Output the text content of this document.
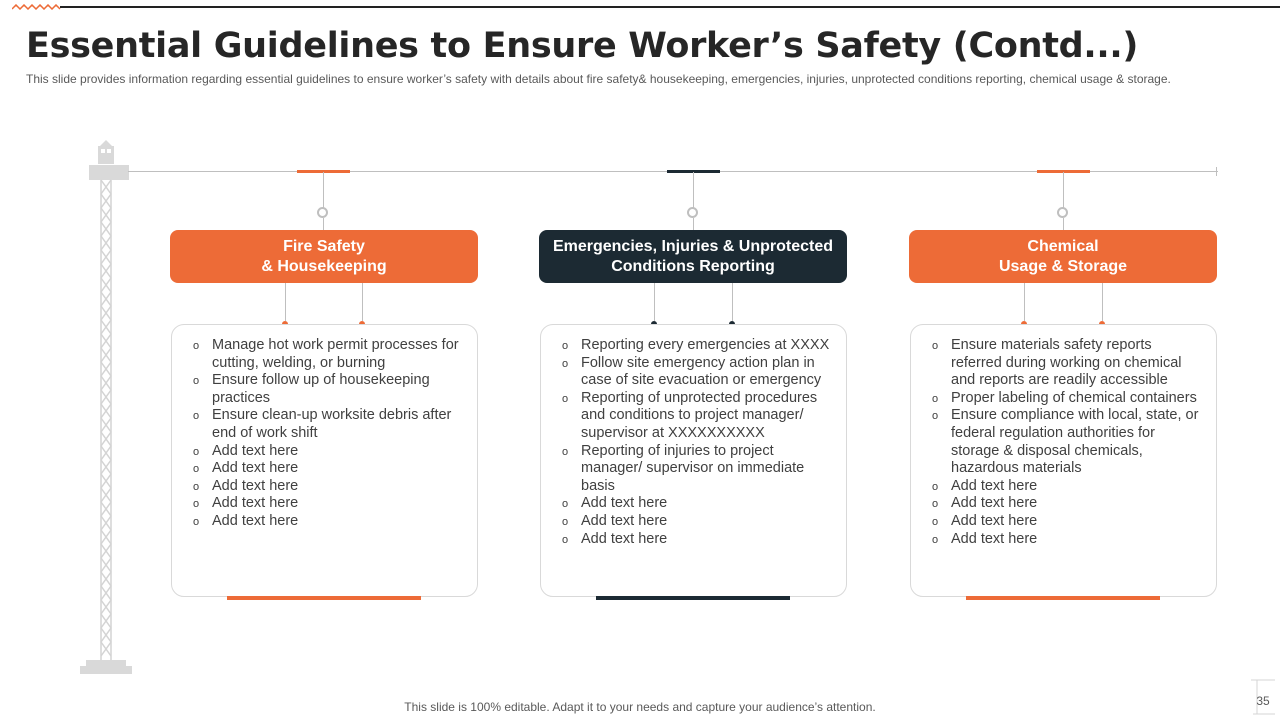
Essential Guidelines to Ensure Worker’s Safety (Contd...)

This slide provides information regarding essential guidelines to ensure worker’s safety with details about fire safety& housekeeping, emergencies, injuries, unprotected conditions reporting, chemical usage & storage.

Fire Safety
& Housekeeping
o Manage hot work permit processes for cutting, welding, or burning
o Ensure follow up of housekeeping practices
o Ensure clean-up worksite debris after end of work shift
o Add text here
o Add text here
o Add text here
o Add text here
o Add text here
Emergencies, Injuries & Unprotected
Conditions Reporting
o Reporting every emergencies at XXXX
o Follow site emergency action plan in case of site evacuation or emergency
o Reporting of unprotected procedures and conditions to project manager/ supervisor at XXXXXXXXXX
o Reporting of injuries to project manager/ supervisor on immediate basis
o Add text here
o Add text here
o Add text here
Chemical
Usage & Storage
o Ensure materials safety reports referred during working on chemical and reports are readily accessible
o Proper labeling of chemical containers
o Ensure compliance with local, state, or federal regulation authorities for storage & disposal chemicals, hazardous materials
o Add text here
o Add text here
o Add text here
o Add text here
This slide is 100% editable. Adapt it to your needs and capture your audience’s attention.	35
